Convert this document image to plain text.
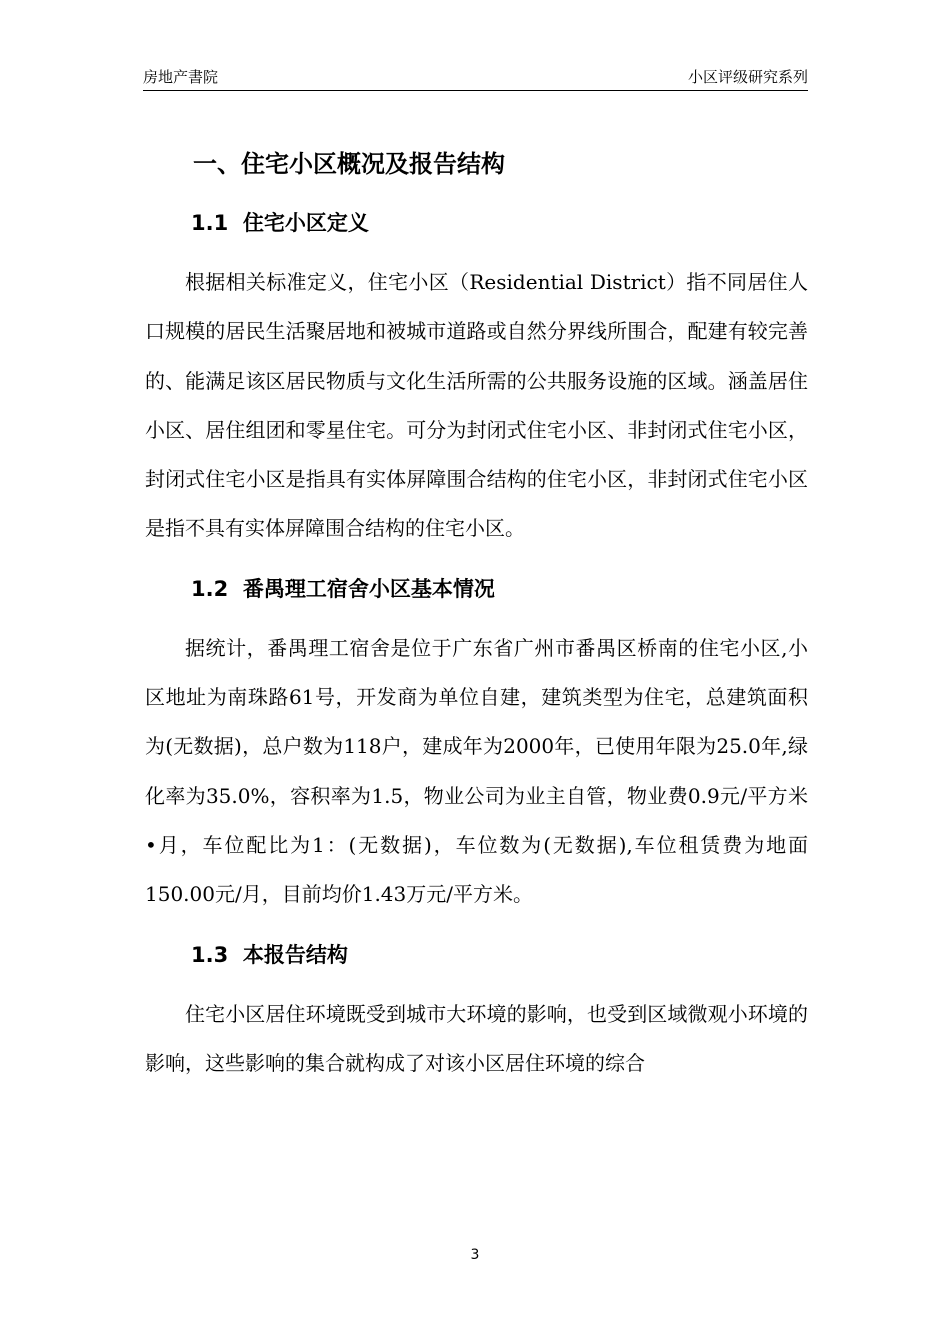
房地产書院	小区评级研究系列
一、住宅小区概况及报告结构
1.1  住宅小区定义

根据相关标准定义，住宅小区（Residential District）指不同居住人口规模的居民生活聚居地和被城市道路或自然分界线所围合，配建有较完善的、能满足该区居民物质与文化生活所需的公共服务设施的区域。涵盖居住小区、居住组团和零星住宅。可分为封闭式住宅小区、非封闭式住宅小区，封闭式住宅小区是指具有实体屏障围合结构的住宅小区，非封闭式住宅小区是指不具有实体屏障围合结构的住宅小区。

1.2  番禺理工宿舍小区基本情况

据统计，番禺理工宿舍是位于广东省广州市番禺区桥南的住宅小区,小区地址为南珠路61号，开发商为单位自建，建筑类型为住宅，总建筑面积为(无数据)，总户数为118户，建成年为2000年，已使用年限为25.0年,绿化率为35.0%，容积率为1.5，物业公司为业主自管，物业费0.9元/平方米•月，车位配比为1：(无数据)，车位数为(无数据),车位租赁费为地面150.00元/月，目前均价1.43万元/平方米。

1.3  本报告结构

住宅小区居住环境既受到城市大环境的影响，也受到区域微观小环境的影响，这些影响的集合就构成了对该小区居住环境的综合

3
